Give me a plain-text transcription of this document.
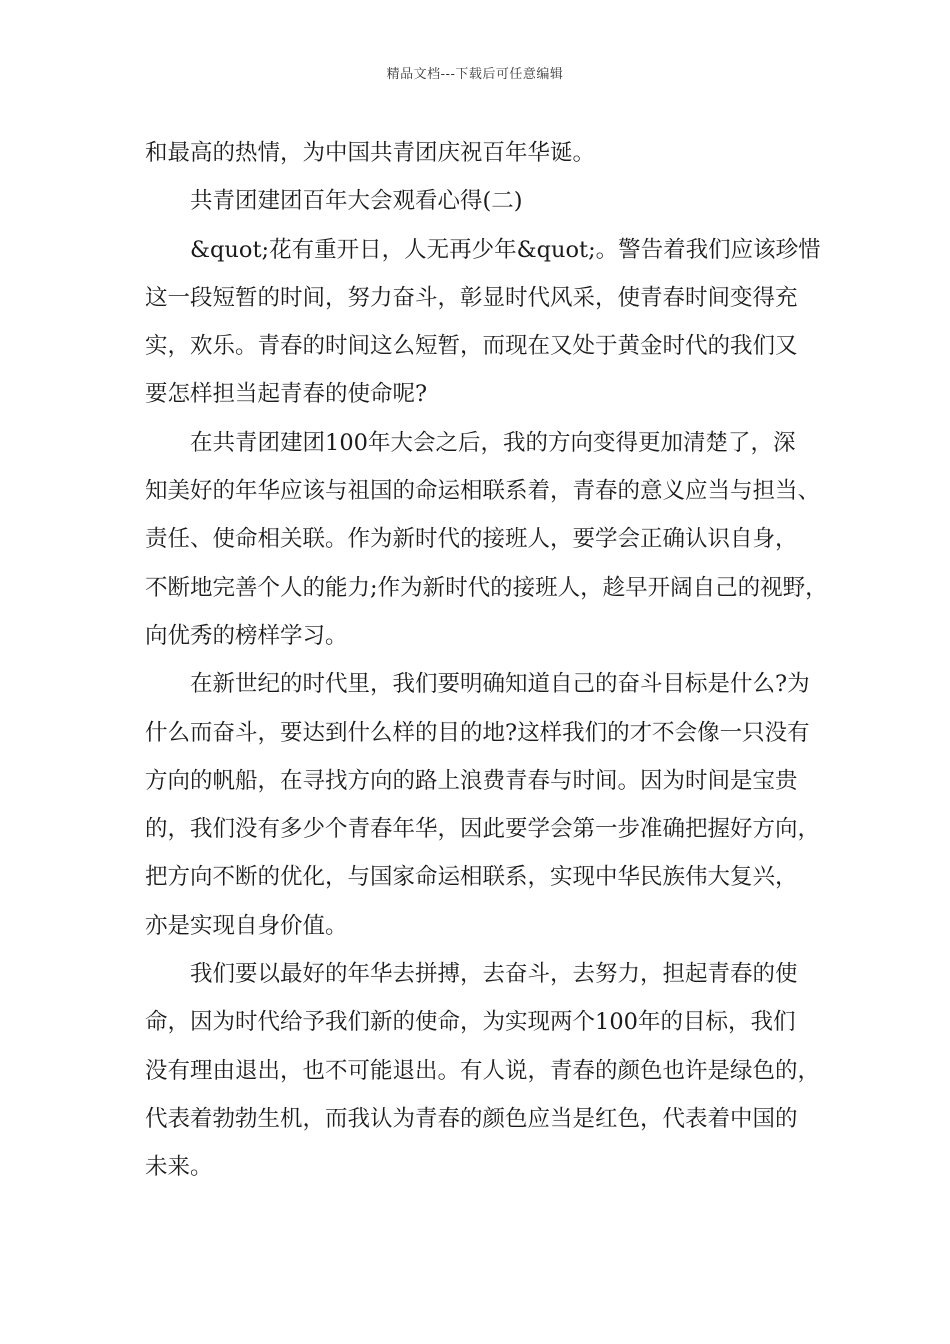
精品文档---下载后可任意编辑
和最高的热情，为中国共青团庆祝百年华诞。
共青团建团百年大会观看心得(二)
&quot;花有重开日，人无再少年&quot;。警告着我们应该珍惜
这一段短暂的时间，努力奋斗，彰显时代风采，使青春时间变得充
实，欢乐。青春的时间这么短暂，而现在又处于黄金时代的我们又
要怎样担当起青春的使命呢?
在共青团建团100年大会之后，我的方向变得更加清楚了，深
知美好的年华应该与祖国的命运相联系着，青春的意义应当与担当、
责任、使命相关联。作为新时代的接班人，要学会正确认识自身，
不断地完善个人的能力;作为新时代的接班人，趁早开阔自己的视野，
向优秀的榜样学习。
在新世纪的时代里，我们要明确知道自己的奋斗目标是什么?为
什么而奋斗，要达到什么样的目的地?这样我们的才不会像一只没有
方向的帆船，在寻找方向的路上浪费青春与时间。因为时间是宝贵
的，我们没有多少个青春年华，因此要学会第一步准确把握好方向，
把方向不断的优化，与国家命运相联系，实现中华民族伟大复兴，
亦是实现自身价值。
我们要以最好的年华去拼搏，去奋斗，去努力，担起青春的使
命，因为时代给予我们新的使命，为实现两个100年的目标，我们
没有理由退出，也不可能退出。有人说，青春的颜色也许是绿色的，
代表着勃勃生机，而我认为青春的颜色应当是红色，代表着中国的
未来。
